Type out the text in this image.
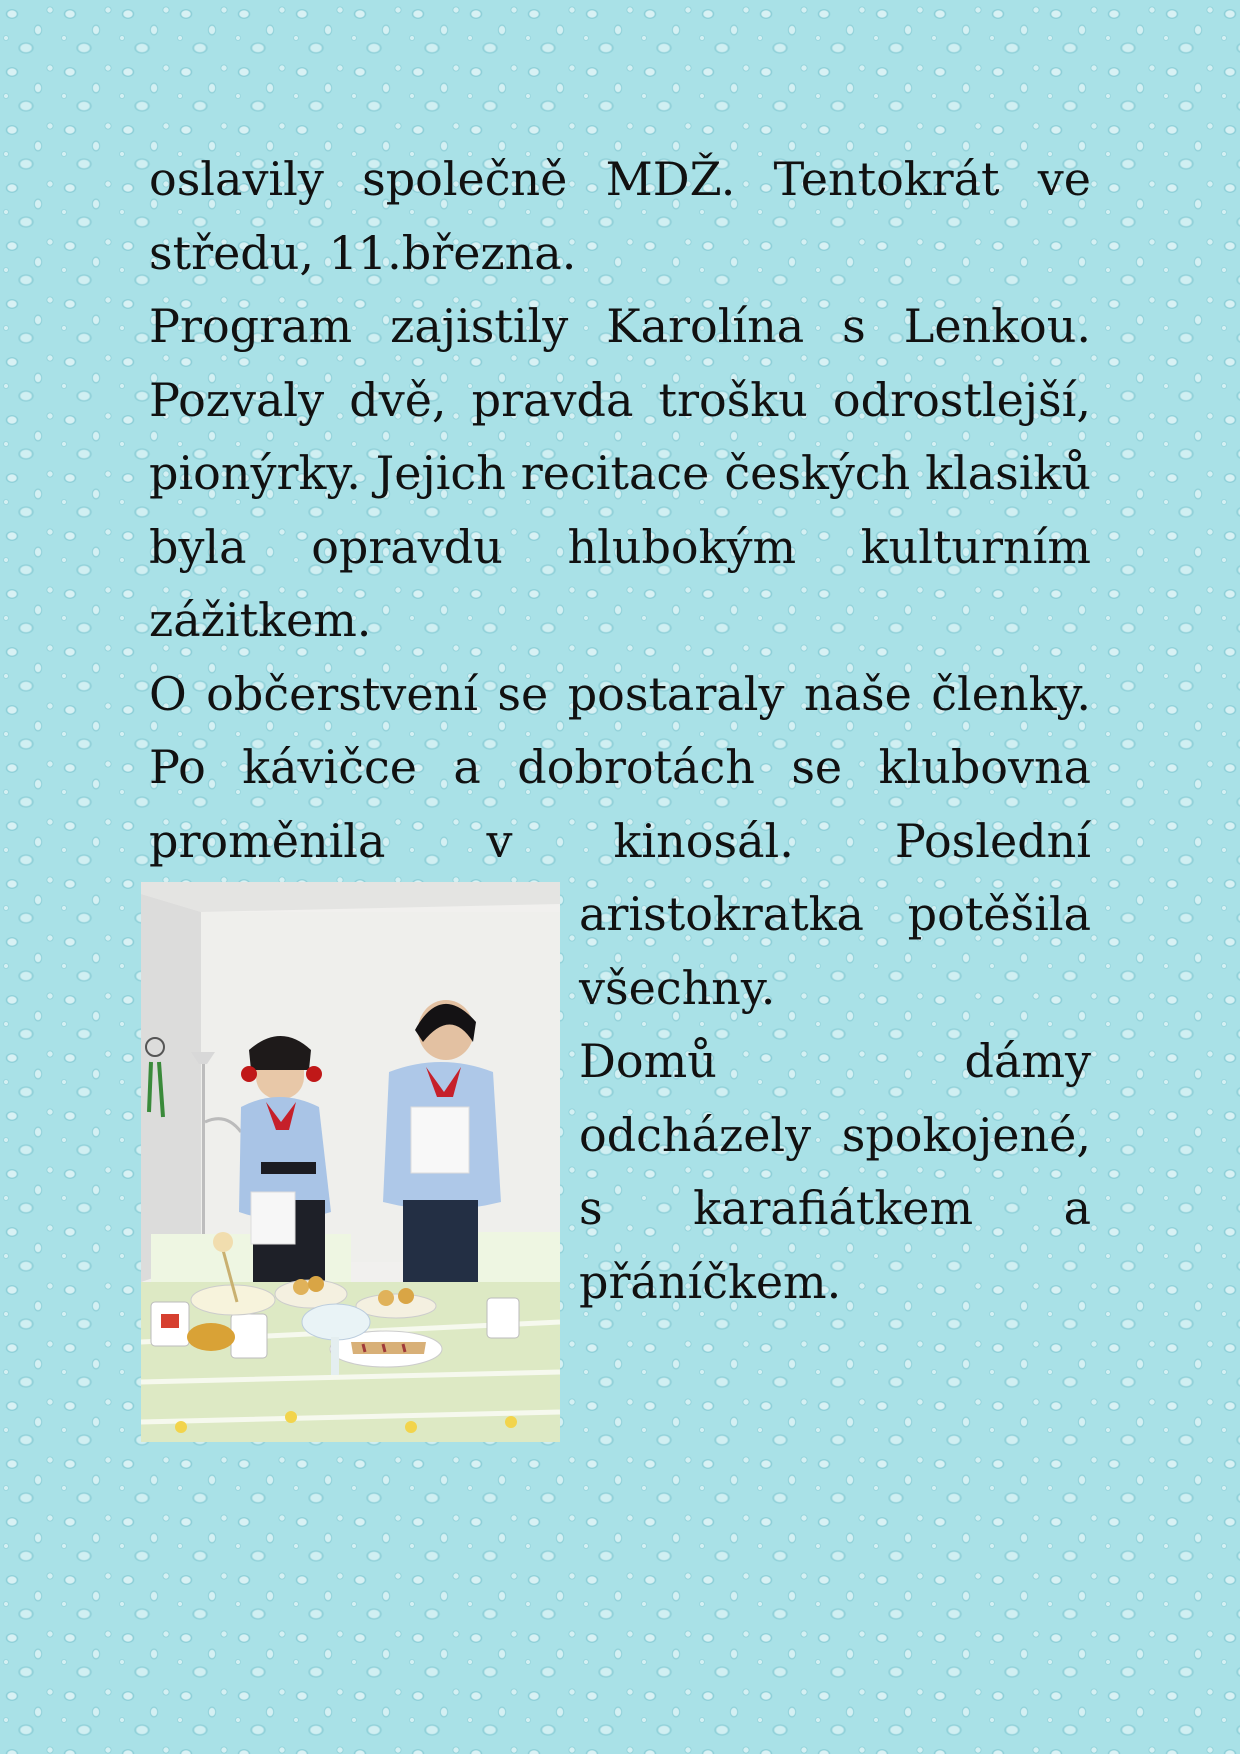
oslavily společně MDŽ. Tentokrát ve středu, 11.března.

Program zajistily Karolína s Lenkou. Pozvaly dvě, pravda trošku odrostlejší, pionýrky. Jejich recitace českých klasiků byla opravdu hlubokým kulturním zážitkem.

O občerstvení se postaraly naše členky. Po kávičce a dobrotách se klubovna proměnila v kinosál. Poslední
aristokratka potěšila všechny.

Domů dámy odcházely spokojené, s karafiátkem a přáníčkem.
